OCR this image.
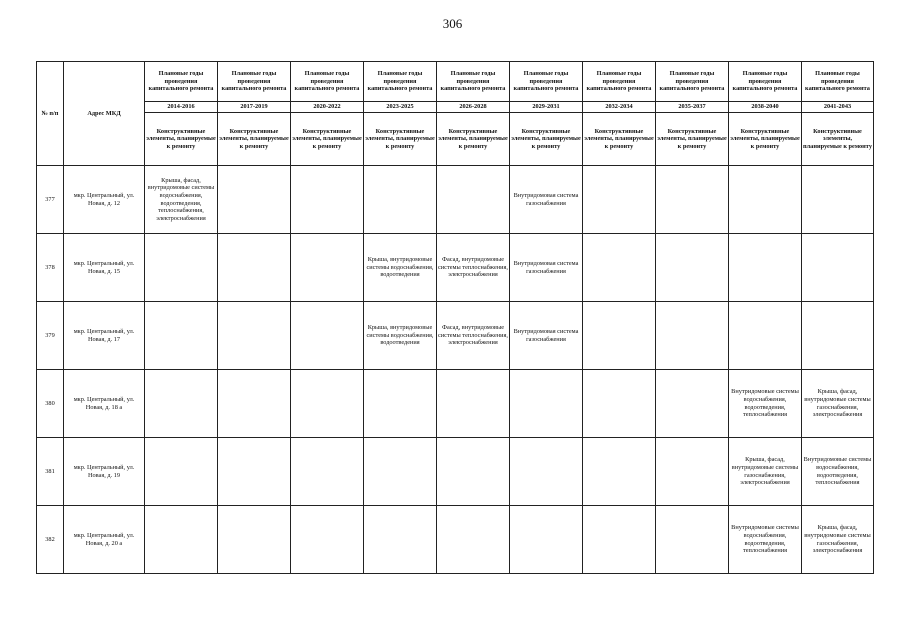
306
№ п/п	Адрес МКД	Плановые годы проведения капитального ремонта	Плановые годы проведения капитального ремонта	Плановые годы проведения капитального ремонта	Плановые годы проведения капитального ремонта	Плановые годы проведения капитального ремонта	Плановые годы проведения капитального ремонта	Плановые годы проведения капитального ремонта	Плановые годы проведения капитального ремонта	Плановые годы проведения капитального ремонта	Плановые годы проведения капитального ремонта
		2014-2016	2017-2019	2020-2022	2023-2025	2026-2028	2029-2031	2032-2034	2035-2037	2038-2040	2041-2043
		Конструктивные элементы, планируемые к ремонту	Конструктивные элементы, планируемые к ремонту	Конструктивные элементы, планируемые к ремонту	Конструктивные элементы, планируемые к ремонту	Конструктивные элементы, планируемые к ремонту	Конструктивные элементы, планируемые к ремонту	Конструктивные элементы, планируемые к ремонту	Конструктивные элементы, планируемые к ремонту	Конструктивные элементы, планируемые к ремонту	Конструктивные элементы, планируемые к ремонту
377	мкр. Центральный, ул. Новая, д. 12	Крыша, фасад, внутридомовые системы водоснабжения, водоотведения, теплоснабжения, электроснабжения					Внутридомовая система газоснабжения				
378	мкр. Центральный, ул. Новая, д. 15				Крыша, внутридомовые системы водоснабжения, водоотведения	Фасад, внутридомовые системы теплоснабжения, электроснабжения	Внутридомовая система газоснабжения				
379	мкр. Центральный, ул. Новая, д. 17				Крыша, внутридомовые системы водоснабжения, водоотведения	Фасад, внутридомовые системы теплоснабжения, электроснабжения	Внутридомовая система газоснабжения				
380	мкр. Центральный, ул. Новая, д. 18 а									Внутридомовые системы водоснабжения, водоотведения, теплоснабжения	Крыша, фасад, внутридомовые системы газоснабжения, электроснабжения
381	мкр. Центральный, ул. Новая, д. 19									Крыша, фасад, внутридомовые системы газоснабжения, электроснабжения	Внутридомовые системы водоснабжения, водоотведения, теплоснабжения
382	мкр. Центральный, ул. Новая, д. 20 а									Внутридомовые системы водоснабжения, водоотведения, теплоснабжения	Крыша, фасад, внутридомовые системы газоснабжения, электроснабжения
